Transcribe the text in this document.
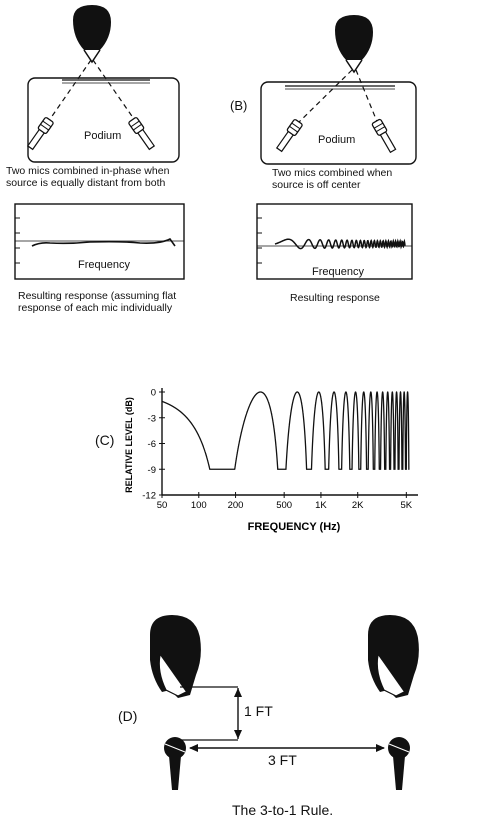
Podium
Two mics combined in-phase when
source is equally distant from both
Frequency
Resulting response (assuming flat
response of each mic individually
(B)
Podium
Two mics combined when
source is off center
Frequency
Resulting response
(C)
0
-3
-6
-9
-12
50 100 200	500 1K	2K	5K
RELATIVE LEVEL (dB)
FREQUENCY (Hz)
(D)	1 FT
3 FT
The 3-to-1 Rule.
